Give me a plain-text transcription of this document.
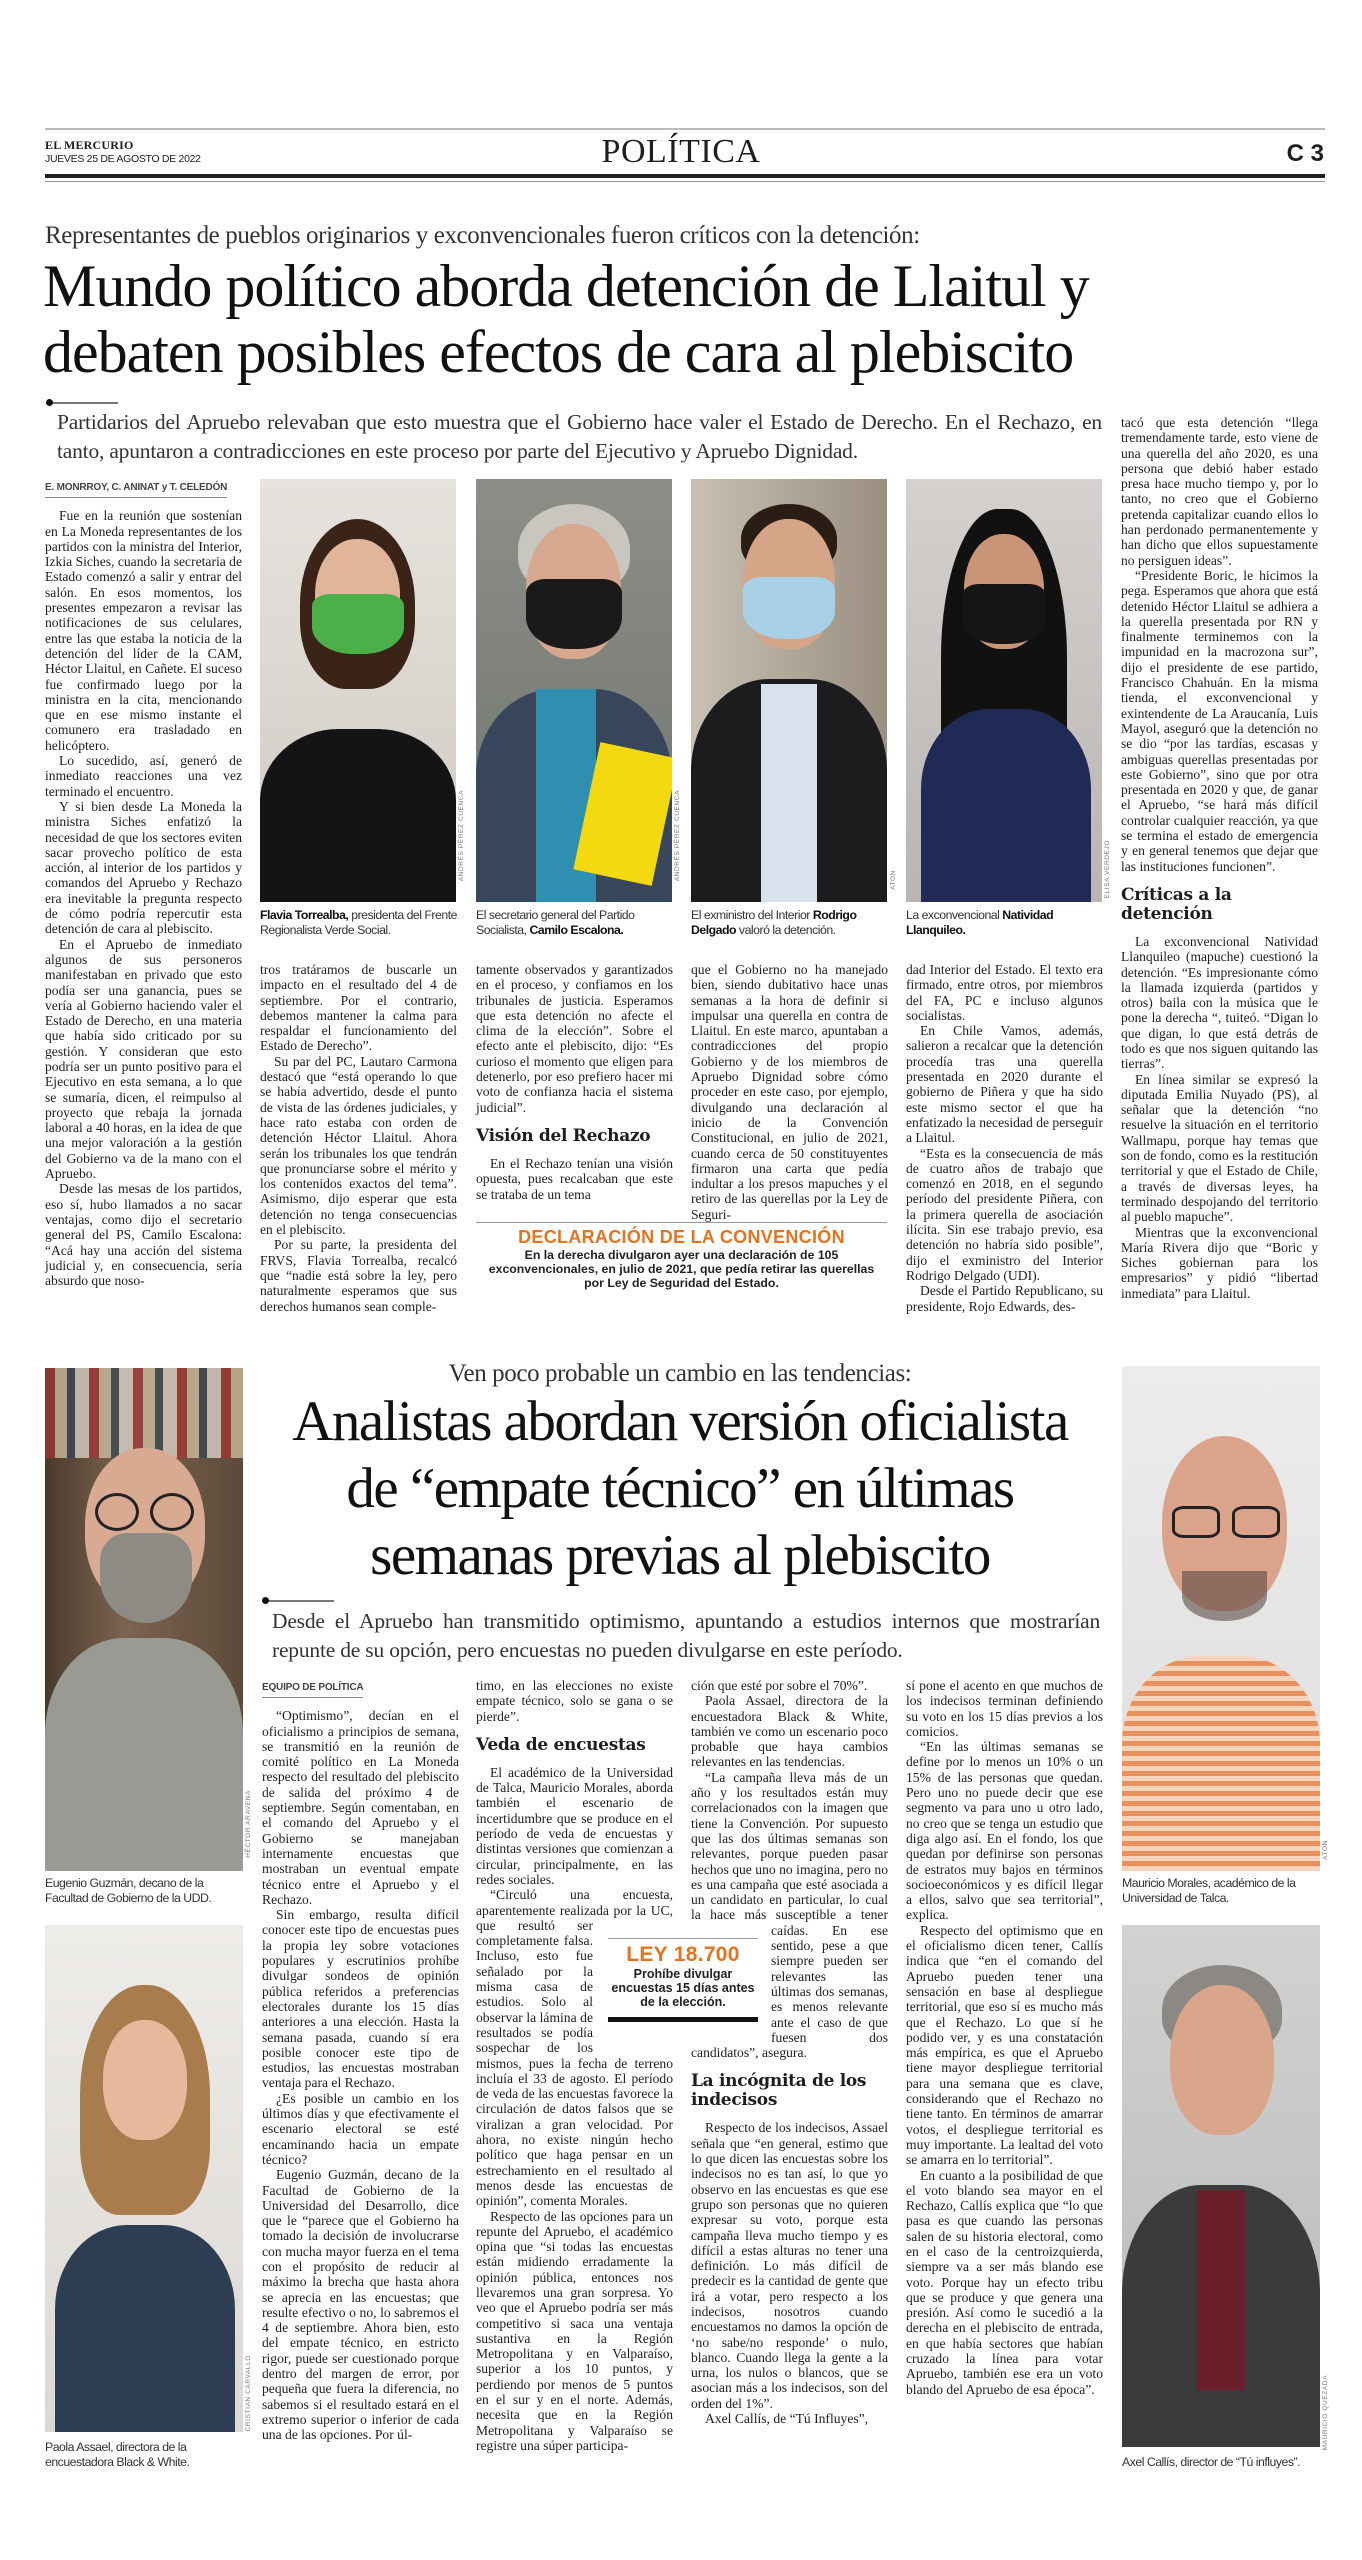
EL MERCURIO
JUEVES 25 DE AGOSTO DE 2022	POLÍTICA	C 3
Representantes de pueblos originarios y exconvencionales fueron críticos con la detención:
Mundo político aborda detención de Llaitul y
debaten posibles efectos de cara al plebiscito
Partidarios del Apruebo relevaban que esto muestra que el Gobierno hace valer el Estado de Derecho. En el Rechazo, en tanto, apuntaron a contradicciones en este proceso por parte del Ejecutivo y Apruebo Dignidad.
E. MONRROY, C. ANINAT y T. CELEDÓN

Fue en la reunión que sostenían en La Moneda representantes de los partidos con la ministra del Interior, Izkia Siches, cuando la secretaria de Estado comenzó a salir y entrar del salón. En esos momentos, los presentes empezaron a revisar las notificaciones de sus celulares, entre las que estaba la noticia de la detención del líder de la CAM, Héctor Llaitul, en Cañete. El suceso fue confirmado luego por la ministra en la cita, mencionando que en ese mismo instante el comunero era trasladado en helicóptero.

Lo sucedido, así, generó de inmediato reacciones una vez terminado el encuentro.

Y si bien desde La Moneda la ministra Siches enfatizó la necesidad de que los sectores eviten sacar provecho político de esta acción, al interior de los partidos y comandos del Apruebo y Rechazo era inevitable la pregunta respecto de cómo podría repercutir esta detención de cara al plebiscito.

En el Apruebo de inmediato algunos de sus personeros manifestaban en privado que esto podía ser una ganancia, pues se vería al Gobierno haciendo valer el Estado de Derecho, en una materia que había sido criticado por su gestión. Y consideran que esto podría ser un punto positivo para el Ejecutivo en esta semana, a lo que se sumaría, dicen, el reimpulso al proyecto que rebaja la jornada laboral a 40 horas, en la idea de que una mejor valoración a la gestión del Gobierno va de la mano con el Apruebo.

Desde las mesas de los partidos, eso sí, hubo llamados a no sacar ventajas, como dijo el secretario general del PS, Camilo Escalona: “Acá hay una acción del sistema judicial y, en consecuencia, sería absurdo que noso-

ANDRÉS PÉREZ CUENCA	ANDRÉS PÉREZ CUENCA	ATON	ELISA VERDEJO
Flavia Torrealba, presidenta del Frente Regionalista Verde Social.
El secretario general del Partido Socialista, Camilo Escalona.
El exministro del Interior Rodrigo Delgado valoró la detención.
La exconvencional Natividad Llanquileo.

tros tratáramos de buscarle un impacto en el resultado del 4 de septiembre. Por el contrario, debemos mantener la calma para respaldar el funcionamiento del Estado de Derecho”.

Su par del PC, Lautaro Carmona destacó que “está operando lo que se había advertido, desde el punto de vista de las órdenes judiciales, y hace rato estaba con orden de detención Héctor Llaitul. Ahora serán los tribunales los que tendrán que pronunciarse sobre el mérito y los contenidos exactos del tema”. Asimismo, dijo esperar que esta detención no tenga consecuencias en el plebiscito.

Por su parte, la presidenta del FRVS, Flavia Torrealba, recalcó que “nadie está sobre la ley, pero naturalmente esperamos que sus derechos humanos sean comple-

tamente observados y garantizados en el proceso, y confiamos en los tribunales de justicia. Esperamos que esta detención no afecte el clima de la elección”. Sobre el efecto ante el plebiscito, dijo: “Es curioso el momento que eligen para detenerlo, por eso prefiero hacer mi voto de confianza hacia el sistema judicial”.

Visión del Rechazo

En el Rechazo tenían una visión opuesta, pues recalcaban que este se trataba de un tema

que el Gobierno no ha manejado bien, siendo dubitativo hace unas semanas a la hora de definir si impulsar una querella en contra de Llaitul. En este marco, apuntaban a contradicciones del propio Gobierno y de los miembros de Apruebo Dignidad sobre cómo proceder en este caso, por ejemplo, divulgando una declaración al inicio de la Convención Constitucional, en julio de 2021, cuando cerca de 50 constituyentes firmaron una carta que pedía indultar a los presos mapuches y el retiro de las querellas por la Ley de Seguri-

dad Interior del Estado. El texto era firmado, entre otros, por miembros del FA, PC e incluso algunos socialistas.

En Chile Vamos, además, salieron a recalcar que la detención procedía tras una querella presentada en 2020 durante el gobierno de Piñera y que ha sido este mismo sector el que ha enfatizado la necesidad de perseguir a Llaitul.

“Esta es la consecuencia de más de cuatro años de trabajo que comenzó en 2018, en el segundo período del presidente Piñera, con la primera querella de asociación ilícita. Sin ese trabajo previo, esa detención no habría sido posible”, dijo el exministro del Interior Rodrigo Delgado (UDI).

Desde el Partido Republicano, su presidente, Rojo Edwards, des-

tacó que esta detención “llega tremendamente tarde, esto viene de una querella del año 2020, es una persona que debió haber estado presa hace mucho tiempo y, por lo tanto, no creo que el Gobierno pretenda capitalizar cuando ellos lo han perdonado permanentemente y han dicho que ellos supuestamente no persiguen ideas”.

“Presidente Boric, le hicimos la pega. Esperamos que ahora que está detenido Héctor Llaitul se adhiera a la querella presentada por RN y finalmente terminemos con la impunidad en la macrozona sur”, dijo el presidente de ese partido, Francisco Chahuán. En la misma tienda, el exconvencional y exintendente de La Araucanía, Luis Mayol, aseguró que la detención no se dio “por las tardías, escasas y ambiguas querellas presentadas por este Gobierno”, sino que por otra presentada en 2020 y que, de ganar el Apruebo, “se hará más difícil controlar cualquier reacción, ya que se termina el estado de emergencia y en general tenemos que dejar que las instituciones funcionen”.

Críticas a la detención

La exconvencional Natividad Llanquileo (mapuche) cuestionó la detención. “Es impresionante cómo la llamada izquierda (partidos y otros) baila con la música que le pone la derecha “, tuiteó. “Digan lo que digan, lo que está detrás de todo es que nos siguen quitando las tierras”.

En línea similar se expresó la diputada Emilia Nuyado (PS), al señalar que la detención “no resuelve la situación en el territorio Wallmapu, porque hay temas que son de fondo, como es la restitución territorial y que el Estado de Chile, a través de diversas leyes, ha terminado despojando del territorio al pueblo mapuche”.

Mientras que la exconvencional María Rivera dijo que “Boric y Siches gobiernan para los empresarios” y pidió “libertad inmediata” para Llaitul.

DECLARACIÓN DE LA CONVENCIÓN
En la derecha divulgaron ayer una declaración de 105 exconvencionales, en julio de 2021, que pedía retirar las querellas por Ley de Seguridad del Estado.
Ven poco probable un cambio en las tendencias:
Analistas abordan versión oficialista
de “empate técnico” en últimas
semanas previas al plebiscito
Desde el Apruebo han transmitido optimismo, apuntando a estudios internos que mostrarían repunte de su opción, pero encuestas no pueden divulgarse en este período.
HÉCTOR ARAVENA
Eugenio Guzmán, decano de la Facultad de Gobierno de la UDD.
CRISTIAN CARVALLO
Paola Assael, directora de la encuestadora Black & White.
ATON
Mauricio Morales, académico de la Universidad de Talca.
MAURICIO QUEZADA
Axel Callís, director de “Tú influyes”.
EQUIPO DE POLÍTICA

“Optimismo”, decían en el oficialismo a principios de semana, se transmitió en la reunión de comité político en La Moneda respecto del resultado del plebiscito de salida del próximo 4 de septiembre. Según comentaban, en el comando del Apruebo y el Gobierno se manejaban internamente encuestas que mostraban un eventual empate técnico entre el Apruebo y el Rechazo.

Sin embargo, resulta difícil conocer este tipo de encuestas pues la propia ley sobre votaciones populares y escrutinios prohíbe divulgar sondeos de opinión pública referidos a preferencias electorales durante los 15 días anteriores a una elección. Hasta la semana pasada, cuando sí era posible conocer este tipo de estudios, las encuestas mostraban ventaja para el Rechazo.

¿Es posible un cambio en los últimos días y que efectivamente el escenario electoral se esté encaminando hacia un empate técnico?

Eugenio Guzmán, decano de la Facultad de Gobierno de la Universidad del Desarrollo, dice que le “parece que el Gobierno ha tomado la decisión de involucrarse con mucha mayor fuerza en el tema con el propósito de reducir al máximo la brecha que hasta ahora se aprecia en las encuestas; que resulte efectivo o no, lo sabremos el 4 de septiembre. Ahora bien, esto del empate técnico, en estricto rigor, puede ser cuestionado porque dentro del margen de error, por pequeña que fuera la diferencia, no sabemos si el resultado estará en el extremo superior o inferior de cada una de las opciones. Por úl-

timo, en las elecciones no existe empate técnico, solo se gana o se pierde”.

Veda de encuestas

El académico de la Universidad de Talca, Mauricio Morales, aborda también el escenario de incertidumbre que se produce en el período de veda de encuestas y distintas versiones que comienzan a circular, principalmente, en las redes sociales.

“Circuló una encuesta, aparentemente realizada por la UC, que resultó ser completamente falsa. Incluso, esto fue señalado por la misma casa de estudios. Solo al observar la lámina de resultados se podía sospechar de los mismos, pues la fecha de terreno incluía el 33 de agosto. El período de veda de las encuestas favorece la circulación de datos falsos que se viralizan a gran velocidad. Por ahora, no existe ningún hecho político que haga pensar en un estrechamiento en el resultado al menos desde las encuestas de opinión”, comenta Morales.

Respecto de las opciones para un repunte del Apruebo, el académico opina que “si todas las encuestas están midiendo erradamente la opinión pública, entonces nos llevaremos una gran sorpresa. Yo veo que el Apruebo podría ser más competitivo si saca una ventaja sustantiva en la Región Metropolitana y en Valparaíso, superior a los 10 puntos, y perdiendo por menos de 5 puntos en el sur y en el norte. Además, necesita que en la Región Metropolitana y Valparaíso se registre una súper participa-

ción que esté por sobre el 70%”.

Paola Assael, directora de la encuestadora Black & White, también ve como un escenario poco probable que haya cambios relevantes en las tendencias.

“La campaña lleva más de un año y los resultados están muy correlacionados con la imagen que tiene la Convención. Por supuesto que las dos últimas semanas son relevantes, porque pueden pasar hechos que uno no imagina, pero no es una campaña que esté asociada a un candidato en particular, lo cual la hace más susceptible a tener caídas. En ese sentido, pese a que siempre pueden ser relevantes las últimas dos semanas, es menos relevante ante el caso de que fuesen dos candidatos”, asegura.

La incógnita de los indecisos

Respecto de los indecisos, Assael señala que “en general, estimo que lo que dicen las encuestas sobre los indecisos no es tan así, lo que yo observo en las encuestas es que ese grupo son personas que no quieren expresar su voto, porque esta campaña lleva mucho tiempo y es difícil a estas alturas no tener una definición. Lo más difícil de predecir es la cantidad de gente que irá a votar, pero respecto a los indecisos, nosotros cuando encuestamos no damos la opción de ‘no sabe/no responde’ o nulo, blanco. Cuando llega la gente a la urna, los nulos o blancos, que se asocian más a los indecisos, son del orden del 1%”.

Axel Callís, de “Tú Influyes”,

sí pone el acento en que muchos de los indecisos terminan definiendo su voto en los 15 días previos a los comicios.

“En las últimas semanas se define por lo menos un 10% o un 15% de las personas que quedan. Pero uno no puede decir que ese segmento va para uno u otro lado, no creo que se tenga un estudio que diga algo así. En el fondo, los que quedan por definirse son personas de estratos muy bajos en términos socioeconómicos y es difícil llegar a ellos, salvo que sea territorial”, explica.

Respecto del optimismo que en el oficialismo dicen tener, Callís indica que “en el comando del Apruebo pueden tener una sensación en base al despliegue territorial, que eso sí es mucho más que el Rechazo. Lo que sí he podido ver, y es una constatación más empírica, es que el Apruebo tiene mayor despliegue territorial para una semana que es clave, considerando que el Rechazo no tiene tanto. En términos de amarrar votos, el despliegue territorial es muy importante. La lealtad del voto se amarra en lo territorial”.

En cuanto a la posibilidad de que el voto blando sea mayor en el Rechazo, Callís explica que “lo que pasa es que cuando las personas salen de su historia electoral, como en el caso de la centroizquierda, siempre va a ser más blando ese voto. Porque hay un efecto tribu que se produce y que genera una presión. Así como le sucedió a la derecha en el plebiscito de entrada, en que había sectores que habían cruzado la línea para votar Apruebo, también ese era un voto blando del Apruebo de esa época”.

LEY 18.700
Prohíbe divulgar encuestas 15 días antes de la elección.
